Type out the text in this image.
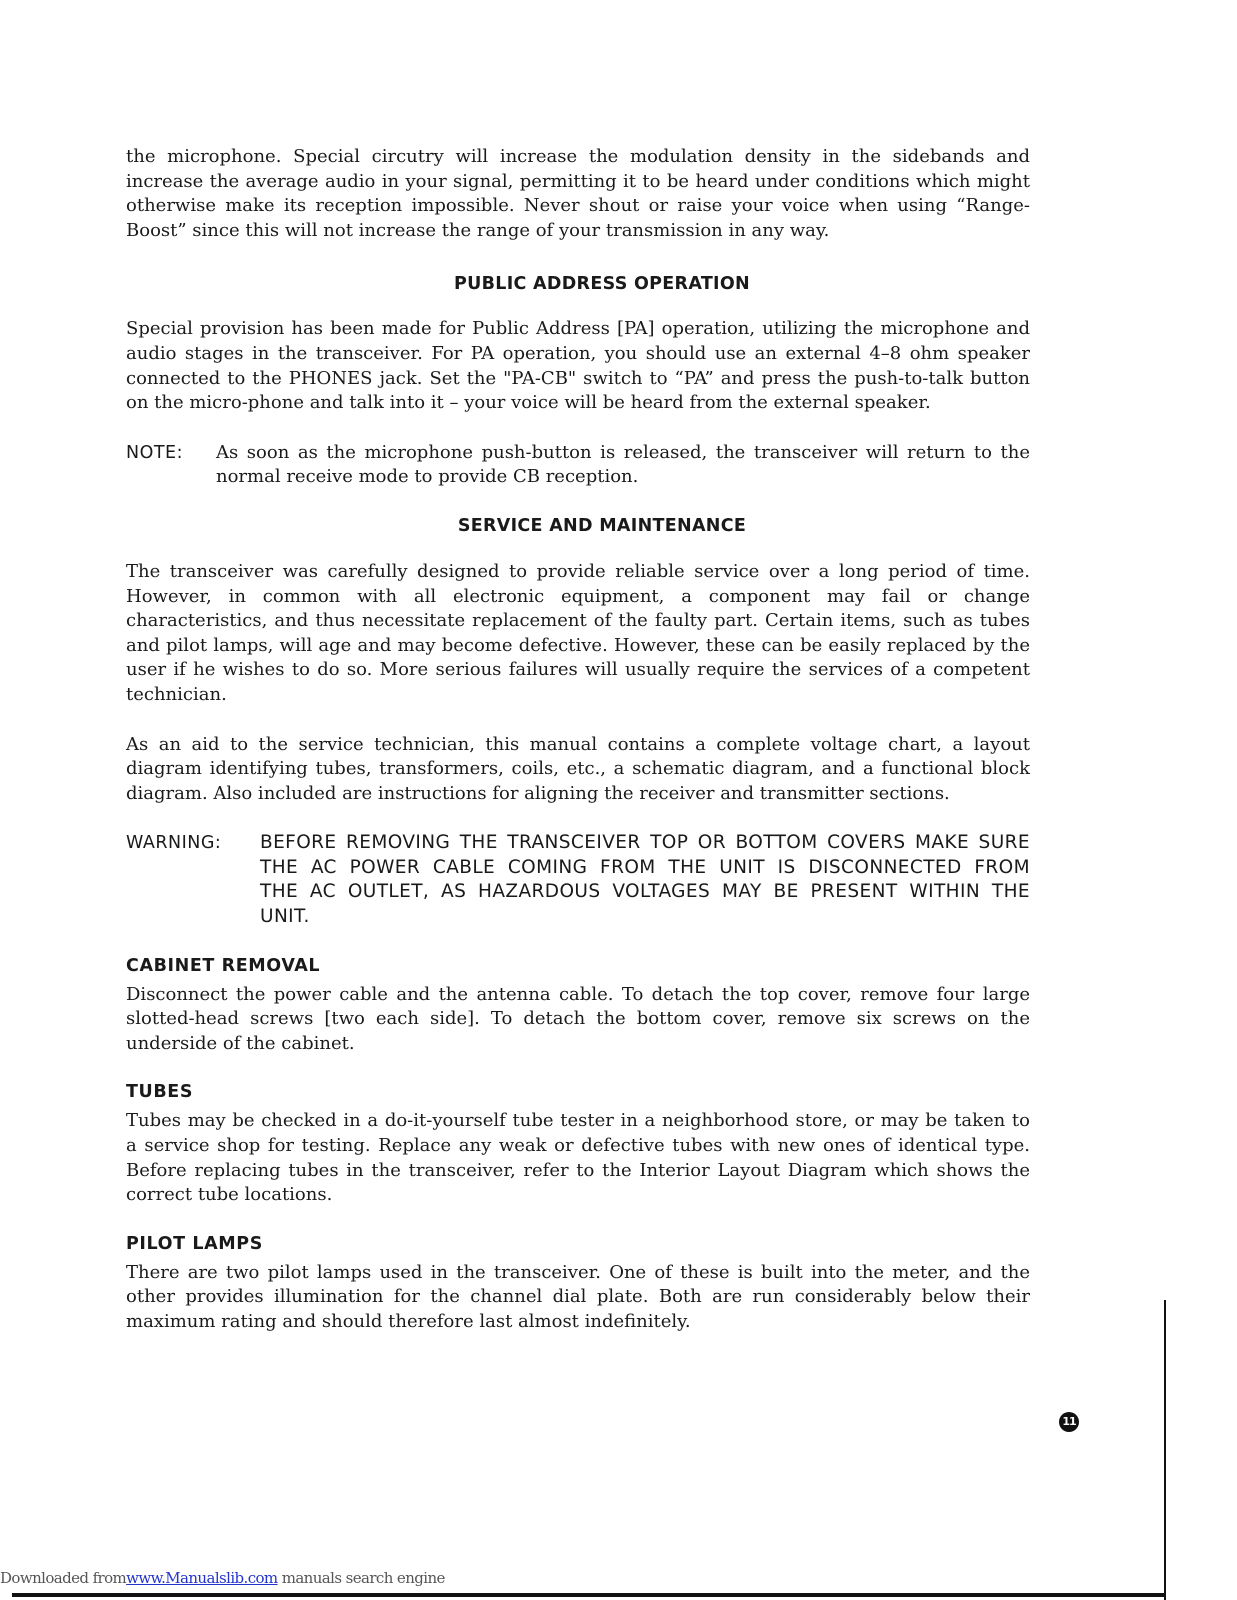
the microphone. Special circutry will increase the modulation density in the sidebands and increase the average audio in your signal, permitting it to be heard under conditions which might otherwise make its reception impossible. Never shout or raise your voice when using “Range-Boost” since this will not increase the range of your transmission in any way.

PUBLIC ADDRESS OPERATION

Special provision has been made for Public Address [PA] operation, utilizing the microphone and audio stages in the transceiver. For PA operation, you should use an external 4–8 ohm speaker connected to the PHONES jack. Set the "PA-CB" switch to “PA” and press the push-to-talk button on the micro-phone and talk into it – your voice will be heard from the external speaker.

NOTE:	As soon as the microphone push-button is released, the transceiver will return to the normal receive mode to provide CB reception.
SERVICE AND MAINTENANCE

The transceiver was carefully designed to provide reliable service over a long period of time. However, in common with all electronic equipment, a component may fail or change characteristics, and thus necessitate replacement of the faulty part. Certain items, such as tubes and pilot lamps, will age and may become defective. However, these can be easily replaced by the user if he wishes to do so. More serious failures will usually require the services of a competent technician.

As an aid to the service technician, this manual contains a complete voltage chart, a layout diagram identifying tubes, transformers, coils, etc., a schematic diagram, and a functional block diagram. Also included are instructions for aligning the receiver and transmitter sections.

WARNING:	BEFORE REMOVING THE TRANSCEIVER TOP OR BOTTOM COVERS MAKE SURE THE AC POWER CABLE COMING FROM THE UNIT IS DISCONNECTED FROM THE AC OUTLET, AS HAZARDOUS VOLTAGES MAY BE PRESENT WITHIN THE UNIT.
CABINET REMOVAL

Disconnect the power cable and the antenna cable. To detach the top cover, remove four large slotted-head screws [two each side]. To detach the bottom cover, remove six screws on the underside of the cabinet.

TUBES

Tubes may be checked in a do-it-yourself tube tester in a neighborhood store, or may be taken to a service shop for testing. Replace any weak or defective tubes with new ones of identical type. Before replacing tubes in the transceiver, refer to the Interior Layout Diagram which shows the correct tube locations.

PILOT LAMPS

There are two pilot lamps used in the transceiver. One of these is built into the meter, and the other provides illumination for the channel dial plate. Both are run considerably below their maximum rating and should therefore last almost indefinitely.

11
Downloaded fromwww.Manualslib.com manuals search engine
